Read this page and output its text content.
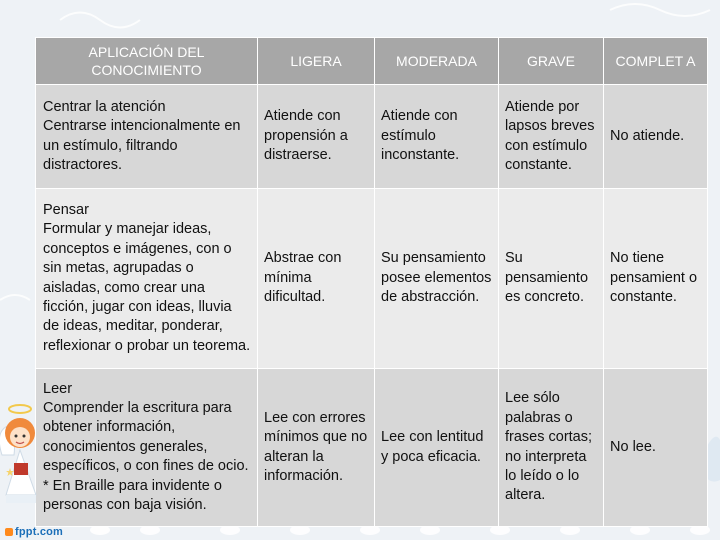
APLICACIÓN DEL CONOCIMIENTO	LIGERA	MODERADA	GRAVE	COMPLET A

Centrar la atención
Centrarse intencionalmente en un estímulo, filtrando distractores.	Atiende con propensión a distraerse.	Atiende con estímulo inconstante.	Atiende por lapsos breves con estímulo constante.	No atiende.

Pensar
Formular y manejar ideas, conceptos e imágenes, con o sin metas, agrupadas o aisladas, como crear una ficción, jugar con ideas, lluvia de ideas, meditar, ponderar, reflexionar o probar un teorema.	Abstrae con mínima dificultad.	Su pensamiento posee elementos de abstracción.	Su pensamiento es concreto.	No tiene pensamient o constante.

Leer
Comprender la escritura para obtener información, conocimientos generales, específicos, o con fines de ocio.
* En Braille para invidente o personas con baja visión.	Lee con errores mínimos que no alteran la información.	Lee con lentitud y poca eficacia.	Lee sólo palabras o frases cortas; no interpreta lo leído o lo altera.	No lee.
fppt.com
